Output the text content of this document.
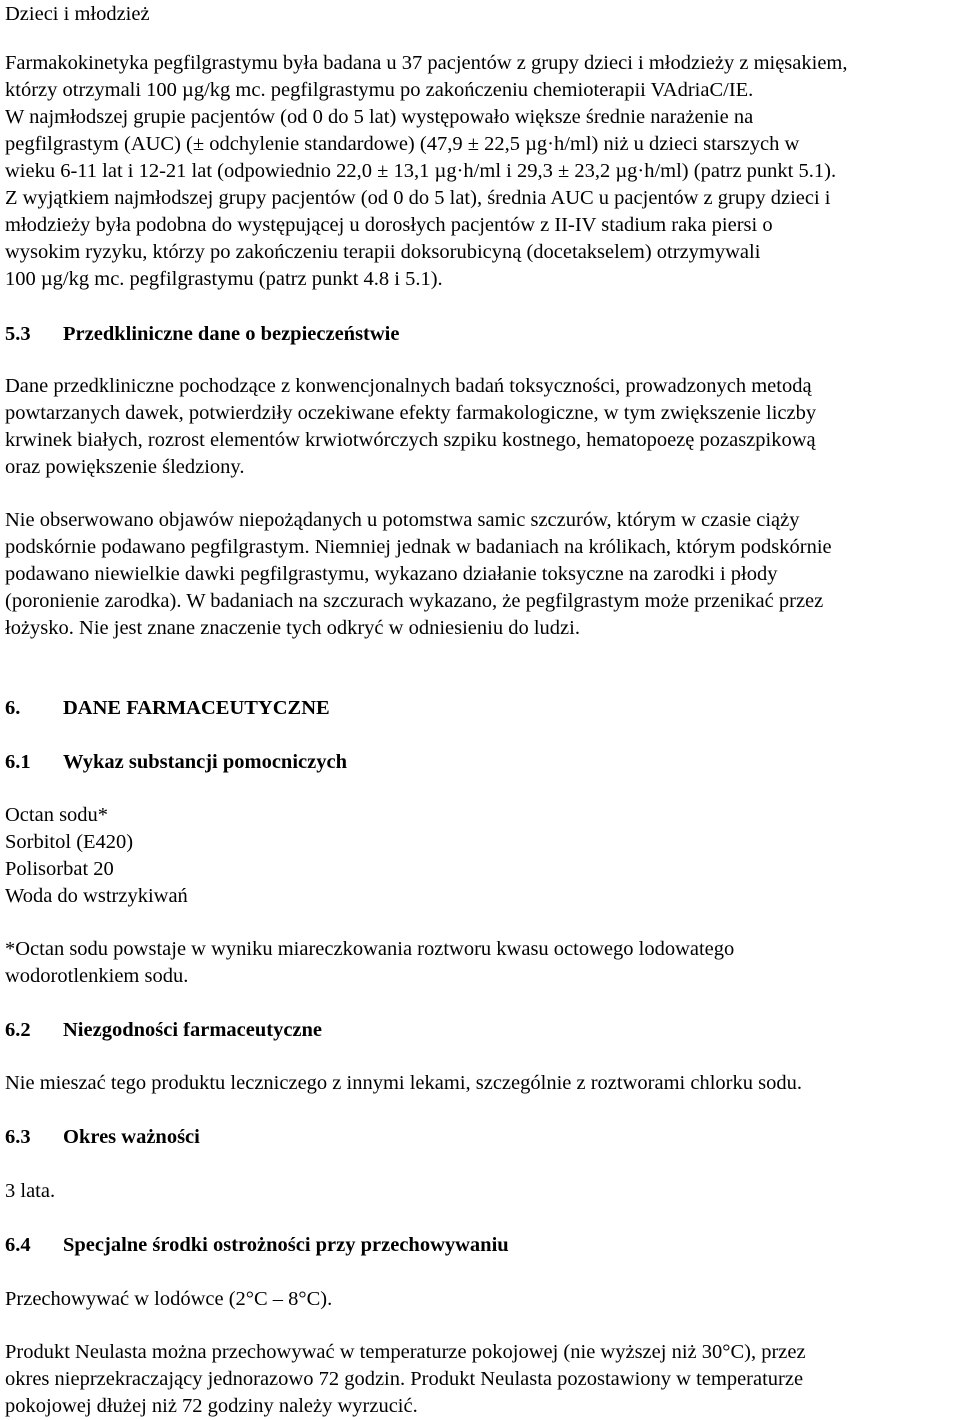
Dzieci i młodzież

Farmakokinetyka pegfilgrastymu była badana u 37 pacjentów z grupy dzieci i młodzieży z mięsakiem,
którzy otrzymali 100 µg/kg mc. pegfilgrastymu po zakończeniu chemioterapii VAdriaC/IE.
W najmłodszej grupie pacjentów (od 0 do 5 lat) występowało większe średnie narażenie na
pegfilgrastym (AUC) (± odchylenie standardowe) (47,9 ± 22,5 µg·h/ml) niż u dzieci starszych w
wieku 6-11 lat i 12-21 lat (odpowiednio 22,0 ± 13,1 µg·h/ml i 29,3 ± 23,2 µg·h/ml) (patrz punkt 5.1).
Z wyjątkiem najmłodszej grupy pacjentów (od 0 do 5 lat), średnia AUC u pacjentów z grupy dzieci i
młodzieży była podobna do występującej u dorosłych pacjentów z II-IV stadium raka piersi o
wysokim ryzyku, którzy po zakończeniu terapii doksorubicyną (docetakselem) otrzymywali
100 µg/kg mc. pegfilgrastymu (patrz punkt 4.8 i 5.1).

5.3 Przedkliniczne dane o bezpieczeństwie

Dane przedkliniczne pochodzące z konwencjonalnych badań toksyczności, prowadzonych metodą
powtarzanych dawek, potwierdziły oczekiwane efekty farmakologiczne, w tym zwiększenie liczby
krwinek białych, rozrost elementów krwiotwórczych szpiku kostnego, hematopoezę pozaszpikową
oraz powiększenie śledziony.
Nie obserwowano objawów niepożądanych u potomstwa samic szczurów, którym w czasie ciąży
podskórnie podawano pegfilgrastym. Niemniej jednak w badaniach na królikach, którym podskórnie
podawano niewielkie dawki pegfilgrastymu, wykazano działanie toksyczne na zarodki i płody
(poronienie zarodka). W badaniach na szczurach wykazano, że pegfilgrastym może przenikać przez
łożysko. Nie jest znane znaczenie tych odkryć w odniesieniu do ludzi.

6. DANE FARMACEUTYCZNE

6.1 Wykaz substancji pomocniczych

Octan sodu*
Sorbitol (E420)
Polisorbat 20
Woda do wstrzykiwań
*Octan sodu powstaje w wyniku miareczkowania roztworu kwasu octowego lodowatego
wodorotlenkiem sodu.

6.2 Niezgodności farmaceutyczne

Nie mieszać tego produktu leczniczego z innymi lekami, szczególnie z roztworami chlorku sodu.

6.3 Okres ważności

3 lata.

6.4 Specjalne środki ostrożności przy przechowywaniu

Przechowywać w lodówce (2°C – 8°C).

Produkt Neulasta można przechowywać w temperaturze pokojowej (nie wyższej niż 30°C), przez
okres nieprzekraczający jednorazowo 72 godzin. Produkt Neulasta pozostawiony w temperaturze
pokojowej dłużej niż 72 godziny należy wyrzucić.
